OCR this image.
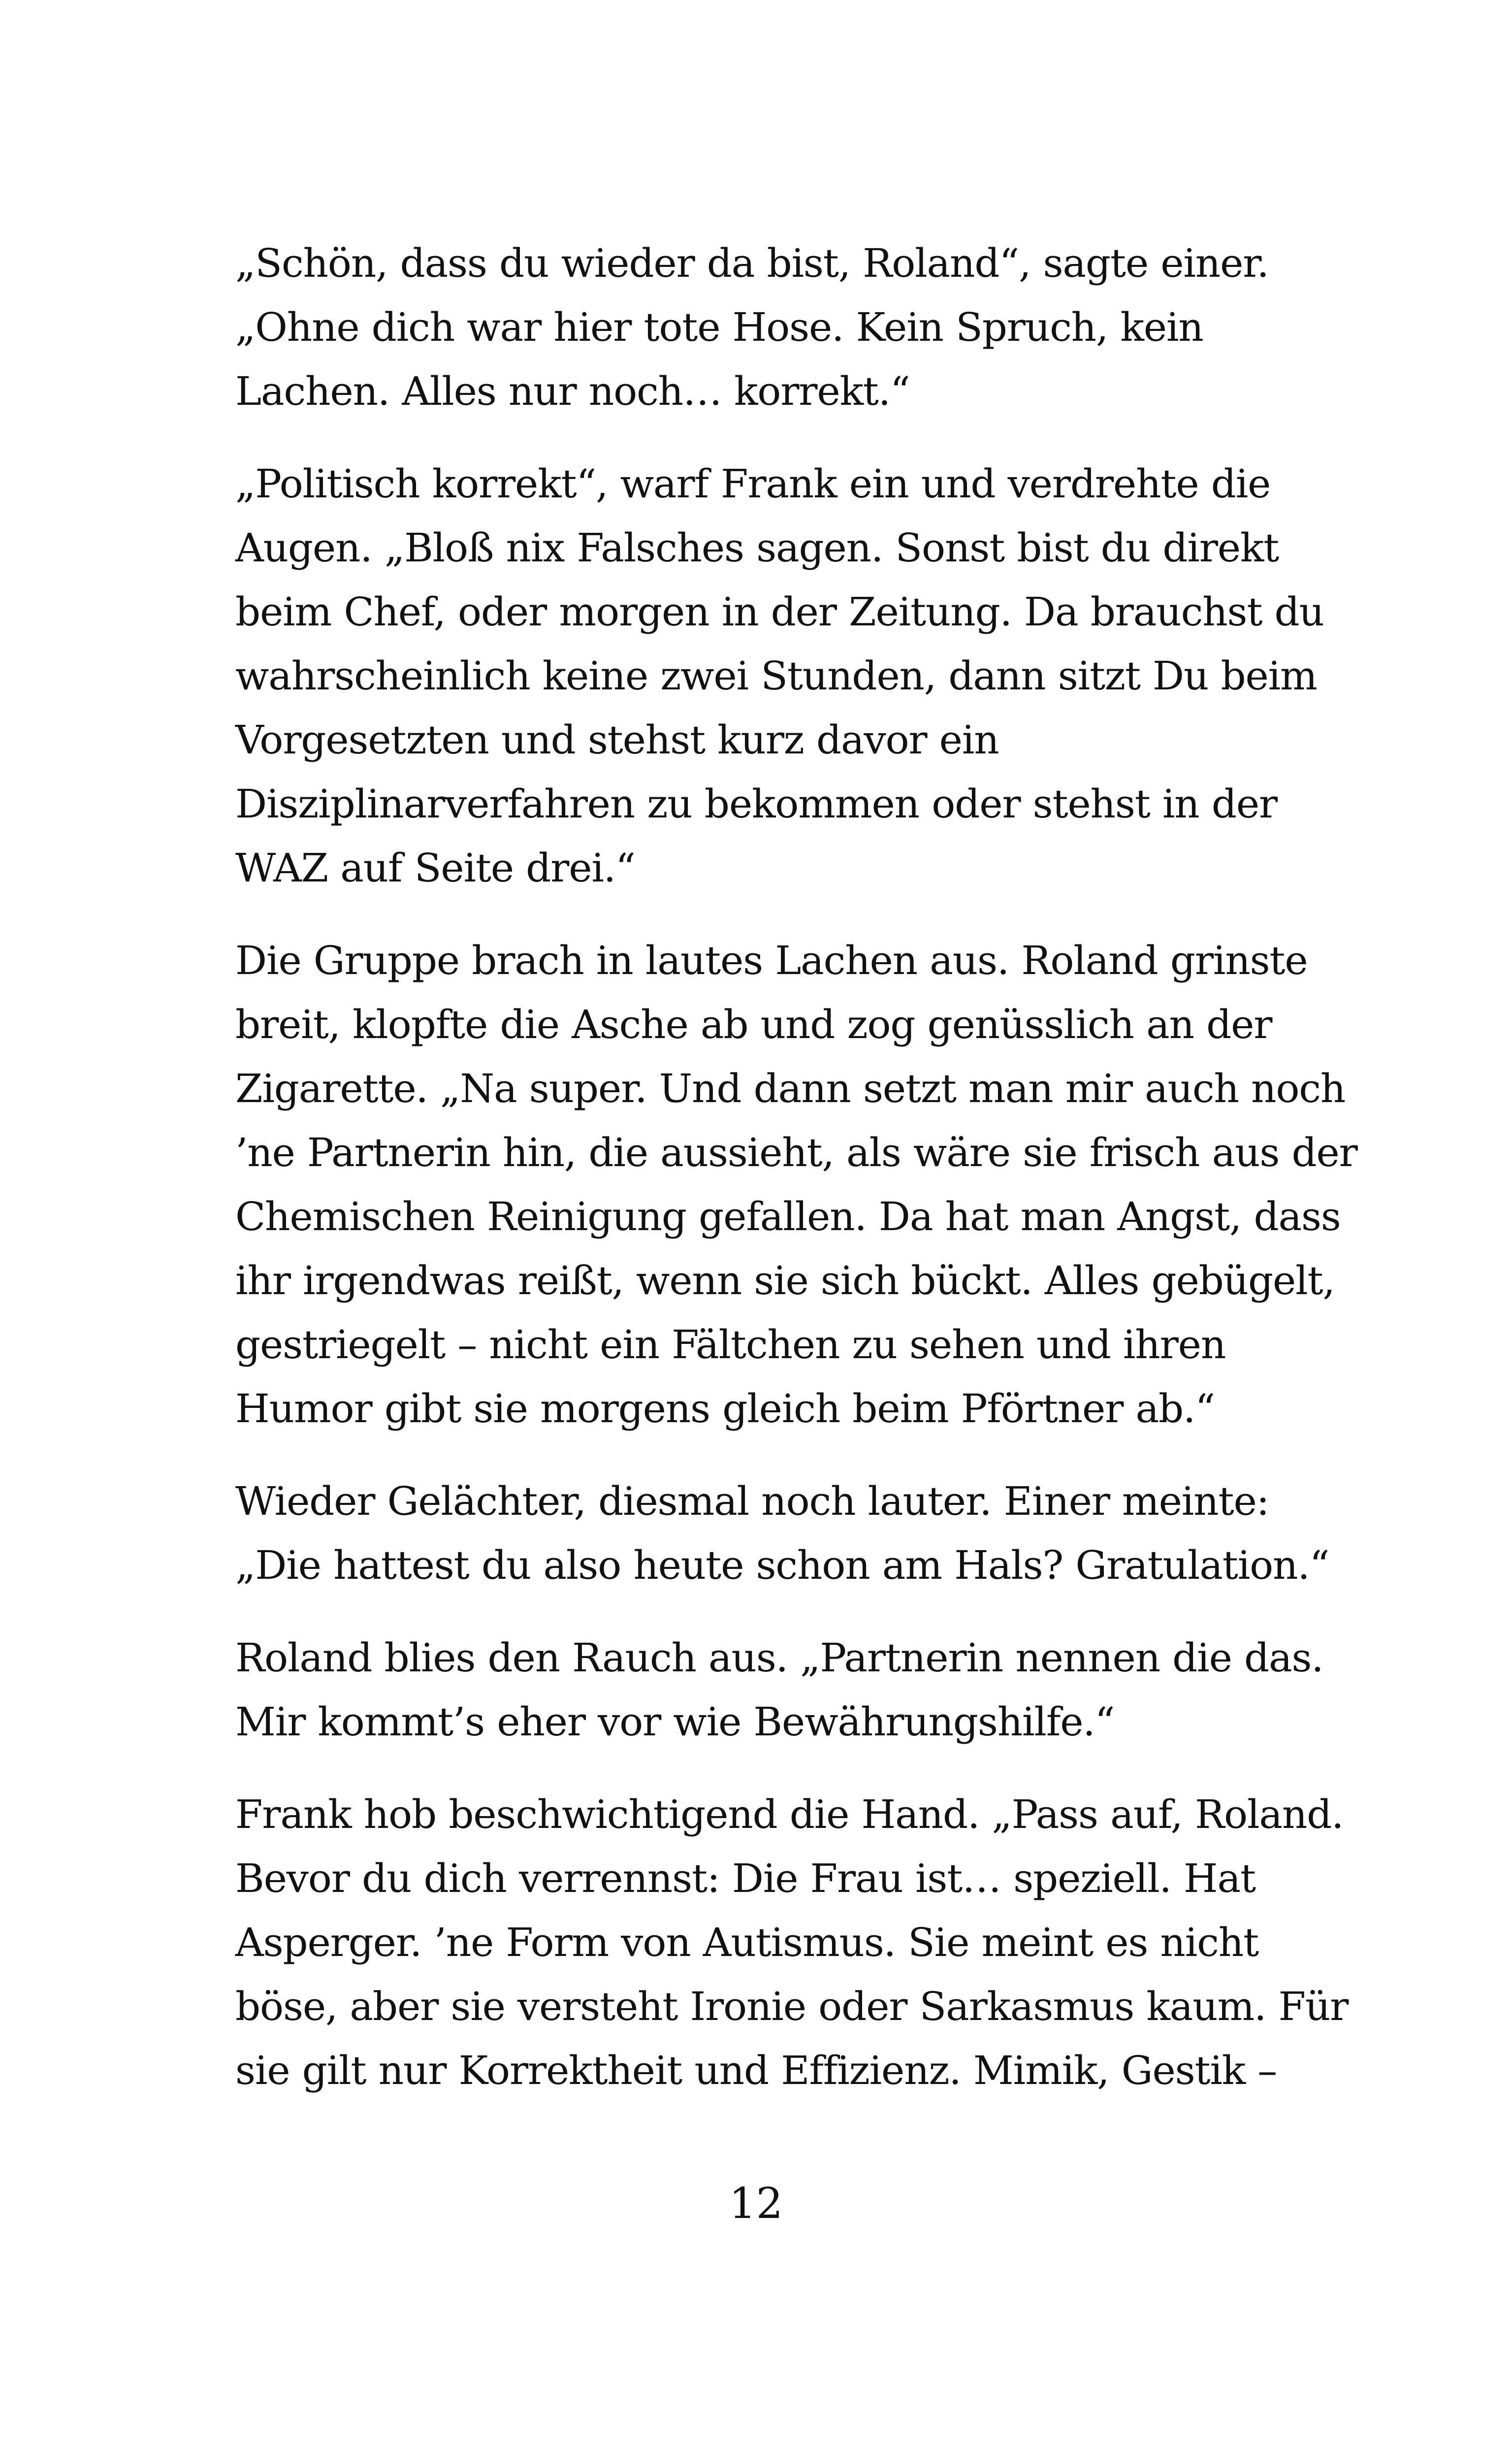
„Schön, dass du wieder da bist, Roland“, sagte einer.
„Ohne dich war hier tote Hose. Kein Spruch, kein
Lachen. Alles nur noch… korrekt.“

„Politisch korrekt“, warf Frank ein und verdrehte die
Augen. „Bloß nix Falsches sagen. Sonst bist du direkt
beim Chef, oder morgen in der Zeitung. Da brauchst du
wahrscheinlich keine zwei Stunden, dann sitzt Du beim
Vorgesetzten und stehst kurz davor ein
Disziplinarverfahren zu bekommen oder stehst in der
WAZ auf Seite drei.“

Die Gruppe brach in lautes Lachen aus. Roland grinste
breit, klopfte die Asche ab und zog genüsslich an der
Zigarette. „Na super. Und dann setzt man mir auch noch
’ne Partnerin hin, die aussieht, als wäre sie frisch aus der
Chemischen Reinigung gefallen. Da hat man Angst, dass
ihr irgendwas reißt, wenn sie sich bückt. Alles gebügelt,
gestriegelt – nicht ein Fältchen zu sehen und ihren
Humor gibt sie morgens gleich beim Pförtner ab.“

Wieder Gelächter, diesmal noch lauter. Einer meinte:
„Die hattest du also heute schon am Hals? Gratulation.“

Roland blies den Rauch aus. „Partnerin nennen die das.
Mir kommt’s eher vor wie Bewährungshilfe.“

Frank hob beschwichtigend die Hand. „Pass auf, Roland.
Bevor du dich verrennst: Die Frau ist… speziell. Hat
Asperger. ’ne Form von Autismus. Sie meint es nicht
böse, aber sie versteht Ironie oder Sarkasmus kaum. Für
sie gilt nur Korrektheit und Effizienz. Mimik, Gestik –

12
